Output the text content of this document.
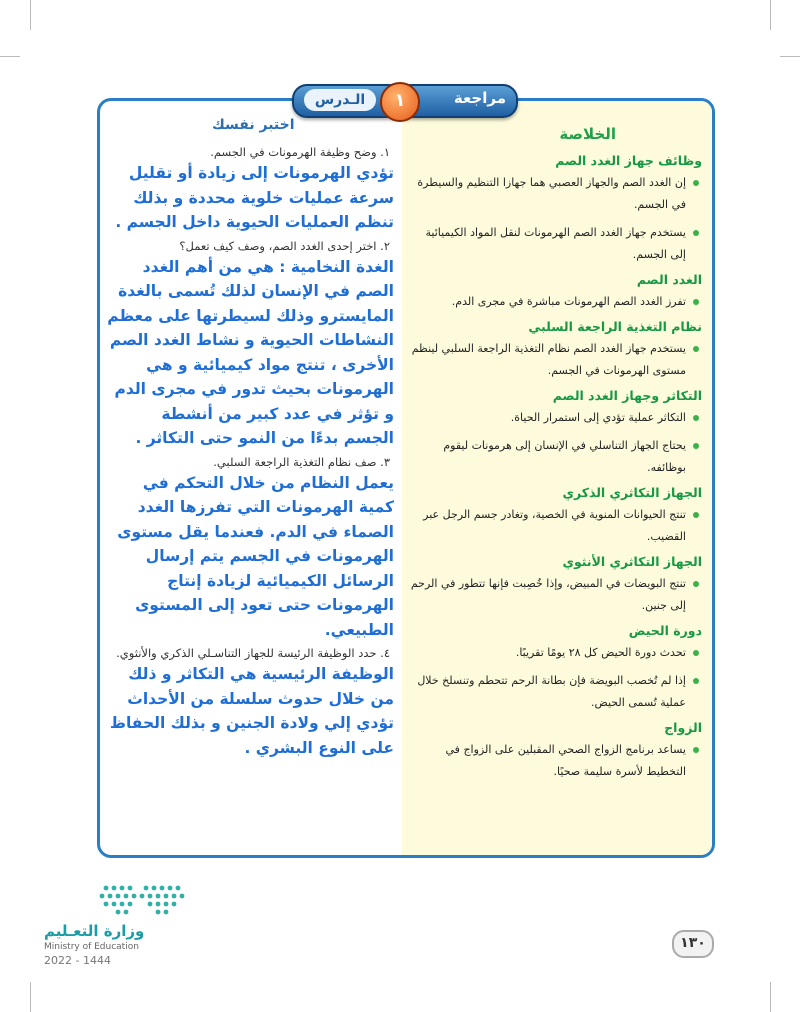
مراجعة
١
الـدرس
الخلاصة

وظائف جهاز الغدد الصم

إن الغدد الصم والجهاز العصبي هما جهازا التنظيم والسيطرة في الجسم.

يستخدم جهاز الغدد الصم الهرمونات لنقل المواد الكيميائية إلى الجسم.

الغدد الصم

تفرز الغدد الصم الهرمونات مباشرة في مجرى الدم.

نظام التغذية الراجعة السلبي

يستخدم جهاز الغدد الصم نظام التغذية الراجعة السلبي لينظم مستوى الهرمونات في الجسم.

التكاثر وجهاز الغدد الصم

التكاثر عملية تؤدي إلى استمرار الحياة.

يحتاج الجهاز التناسلي في الإنسان إلى هرمونات ليقوم بوظائفه.

الجهاز التكاثري الذكري

تنتج الحيوانات المنوية في الخصية، وتغادر جسم الرجل عبر القضيب.

الجهاز التكاثري الأنثوي

تنتج البويضات في المبيض، وإذا خُصِبت فإنها تتطور في الرحم إلى جنين.

دورة الحيض

تحدث دورة الحيض كل ٢٨ يومًا تقريبًا.

إذا لم تُخصب البويضة فإن بطانة الرحم تتحطم وتنسلخ خلال عملية تُسمى الحيض.

الزواج

يساعد برنامج الزواج الصحي المقبلين على الزواج في التخطيط لأسرة سليمة صحيًا.

اختبر نفسك

١. وضح وظيفة الهرمونات في الجسم.

تؤدي الهرمونات إلى زيادة أو تقليل سرعة عمليات خلوية محددة و بذلك تنظم العمليات الحيوية داخل الجسم .

٢. اختر إحدى الغدد الصم، وصف كيف تعمل؟

الغدة النخامية : هي من أهم الغدد الصم في الإنسان لذلك تُسمى بالغدة المايسترو وذلك لسيطرتها على معظم النشاطات الحيوية و نشاط الغدد الصم الأخرى ، تنتج مواد كيميائية و هي الهرمونات بحيث تدور في مجرى الدم و تؤثر في عدد كبير من أنشطة الجسم بدءًا من النمو حتى التكاثر .

٣. صف نظام التغذية الراجعة السلبي.

يعمل النظام من خلال التحكم في كمية الهرمونات التي تفرزها الغدد الصماء في الدم. فعندما يقل مستوى الهرمونات في الجسم يتم إرسال الرسائل الكيميائية لزيادة إنتاج الهرمونات حتى تعود إلى المستوى الطبيعي.

٤. حدد الوظيفة الرئيسة للجهاز التناسـلي الذكري والأنثوي.

الوظيفة الرئيسية هي التكاثر و ذلك من خلال حدوث سلسلة من الأحداث تؤدي إلي ولادة الجنين و بذلك الحفاظ على النوع البشري .

وزارة التعـليم
Ministry of Education
2022 - 1444
١٣٠
